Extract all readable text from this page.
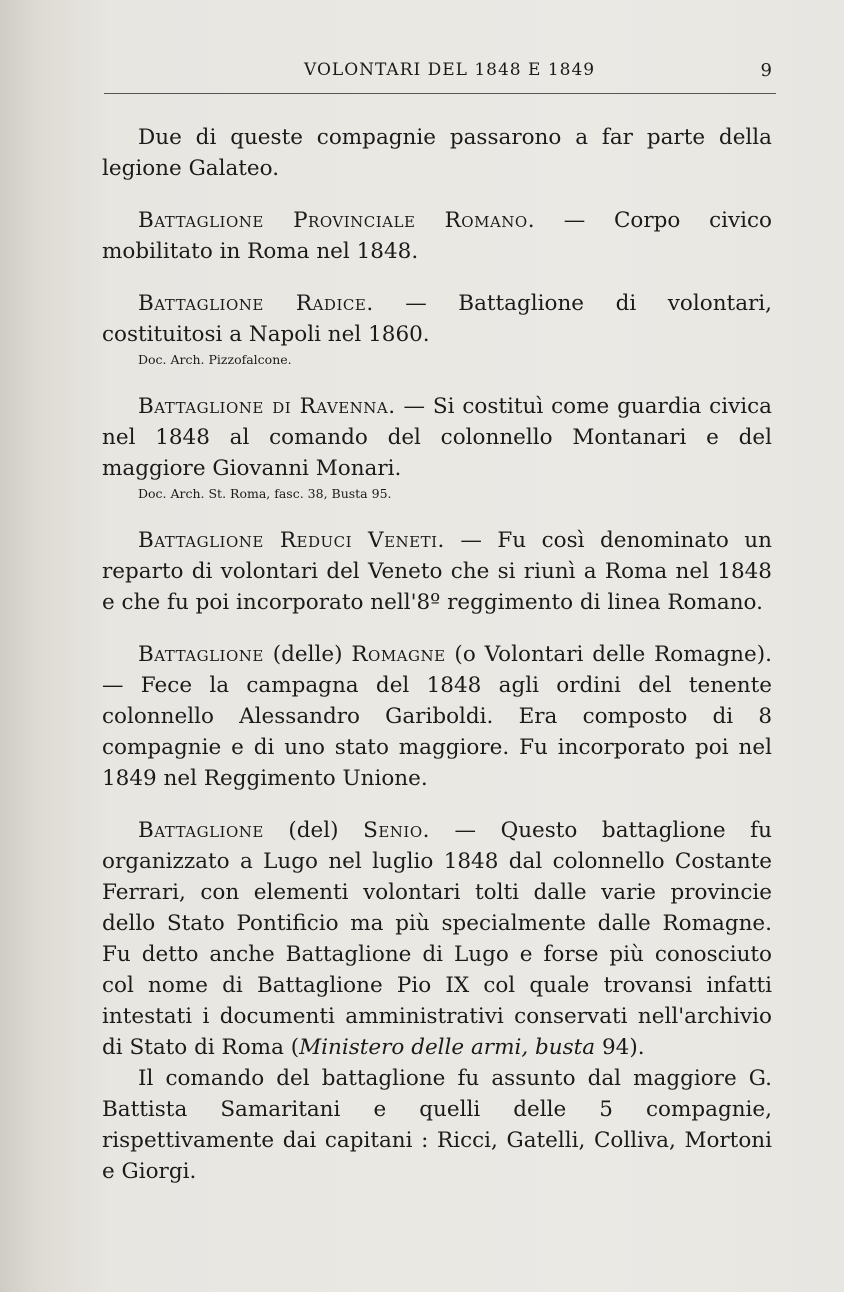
VOLONTARI DEL 1848 E 1849	9

Due di queste compagnie passarono a far parte della legione Galateo.

Battaglione Provinciale Romano. — Corpo civico mobilitato in Roma nel 1848.

Battaglione Radice. — Battaglione di volontari, costituitosi a Napoli nel 1860.

Doc. Arch. Pizzofalcone.

Battaglione di Ravenna. — Si costituì come guardia civica nel 1848 al comando del colonnello Montanari e del maggiore Giovanni Monari.

Doc. Arch. St. Roma, fasc. 38, Busta 95.

Battaglione Reduci Veneti. — Fu così denominato un reparto di volontari del Veneto che si riunì a Roma nel 1848 e che fu poi incorporato nell'8º reggimento di linea Romano.

Battaglione (delle) Romagne (o Volontari delle Romagne). — Fece la campagna del 1848 agli ordini del tenente colonnello Alessandro Gariboldi. Era composto di 8 compagnie e di uno stato maggiore. Fu incorporato poi nel 1849 nel Reggimento Unione.

Battaglione (del) Senio. — Questo battaglione fu organizzato a Lugo nel luglio 1848 dal colonnello Costante Ferrari, con elementi volontari tolti dalle varie provincie dello Stato Pontificio ma più specialmente dalle Romagne. Fu detto anche Battaglione di Lugo e forse più conosciuto col nome di Battaglione Pio IX col quale trovansi infatti intestati i documenti amministrativi conservati nell'archivio di Stato di Roma (Ministero delle armi, busta 94).

Il comando del battaglione fu assunto dal maggiore G. Battista Samaritani e quelli delle 5 compagnie, rispettivamente dai capitani : Ricci, Gatelli, Colliva, Mortoni e Giorgi.
